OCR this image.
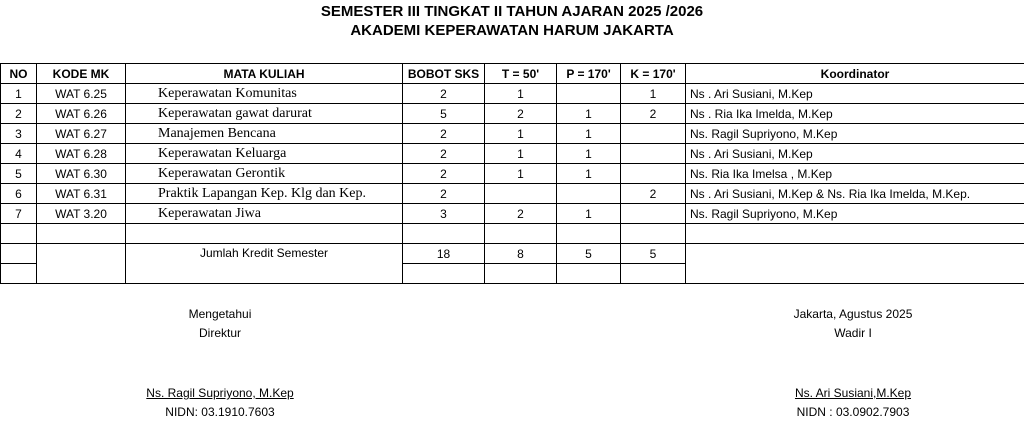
SEMESTER III TINGKAT II TAHUN AJARAN 2025 /2026
AKADEMI KEPERAWATAN HARUM JAKARTA
NO	KODE MK	MATA KULIAH	BOBOT SKS	T = 50'	P = 170'	K = 170'	Koordinator
1	WAT 6.25	Keperawatan Komunitas	2	1		1	Ns . Ari Susiani, M.Kep
2	WAT 6.26	Keperawatan gawat darurat	5	2	1	2	Ns . Ria Ika Imelda, M.Kep
3	WAT 6.27	Manajemen Bencana	2	1	1		Ns. Ragil Supriyono, M.Kep
4	WAT 6.28	Keperawatan Keluarga	2	1	1		Ns . Ari Susiani, M.Kep
5	WAT 6.30	Keperawatan Gerontik	2	1	1		Ns. Ria Ika Imelsa , M.Kep
6	WAT 6.31	Praktik Lapangan Kep. Klg dan Kep.	2			2	Ns . Ari Susiani, M.Kep & Ns. Ria Ika Imelda, M.Kep.
7	WAT 3.20	Keperawatan Jiwa	3	2	1		Ns. Ragil Supriyono, M.Kep

		Jumlah Kredit Semester	18	8	5	5	

Mengetahui
Direktur
Ns. Ragil Supriyono, M.Kep
NIDN: 03.1910.7603
Jakarta, Agustus 2025
Wadir I
Ns. Ari Susiani,M.Kep
NIDN : 03.0902.7903
